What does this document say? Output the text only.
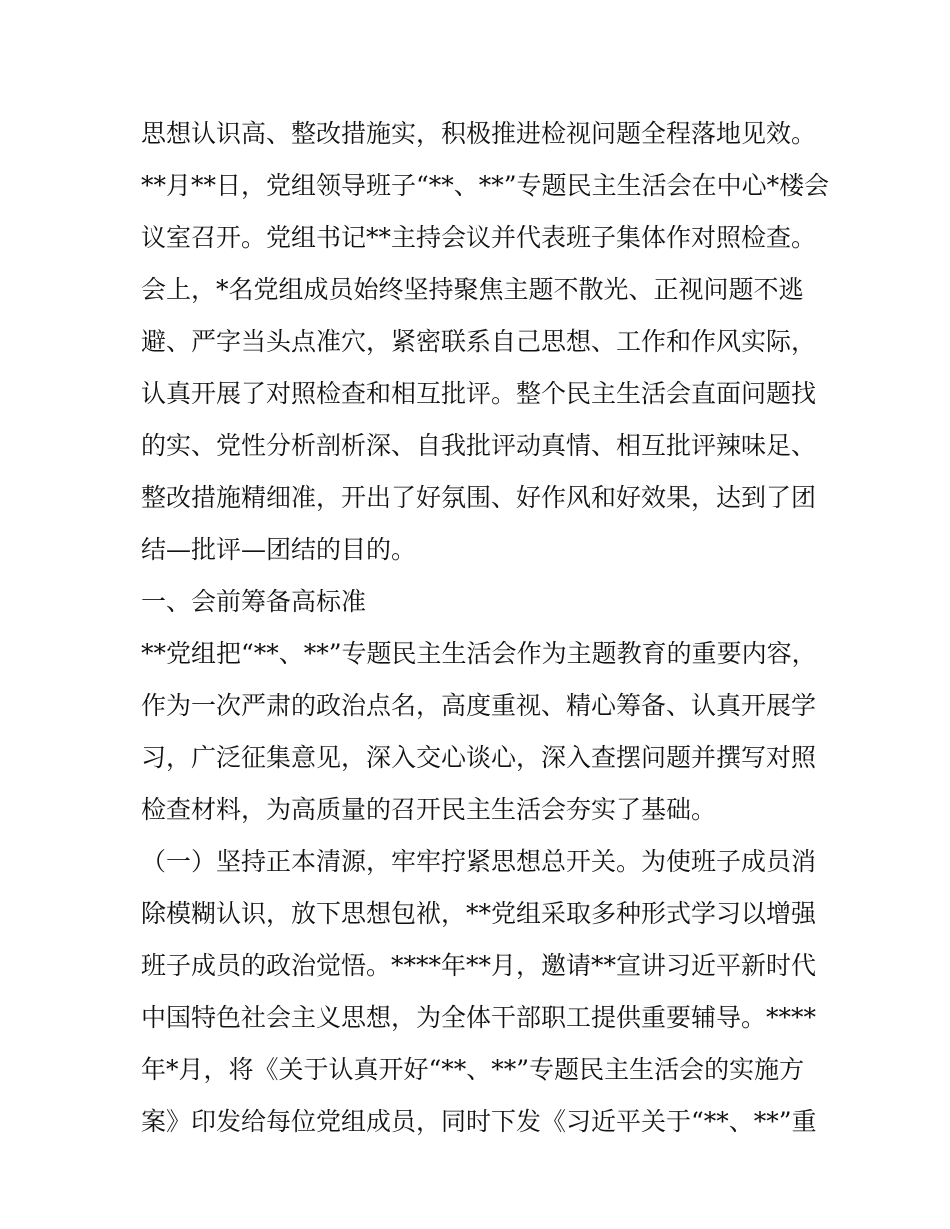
思想认识高、整改措施实，积极推进检视问题全程落地见效。
**月**日，党组领导班子“**、**”专题民主生活会在中心*楼会
议室召开。党组书记**主持会议并代表班子集体作对照检查。
会上，*名党组成员始终坚持聚焦主题不散光、正视问题不逃
避、严字当头点准穴，紧密联系自己思想、工作和作风实际，
认真开展了对照检查和相互批评。整个民主生活会直面问题找
的实、党性分析剖析深、自我批评动真情、相互批评辣味足、
整改措施精细准，开出了好氛围、好作风和好效果，达到了团
结—批评—团结的目的。
一、会前筹备高标准
**党组把“**、**”专题民主生活会作为主题教育的重要内容，
作为一次严肃的政治点名，高度重视、精心筹备、认真开展学
习，广泛征集意见，深入交心谈心，深入查摆问题并撰写对照
检查材料，为高质量的召开民主生活会夯实了基础。
（一）坚持正本清源，牢牢拧紧思想总开关。为使班子成员消
除模糊认识，放下思想包袱，**党组采取多种形式学习以增强
班子成员的政治觉悟。****年**月，邀请**宣讲习近平新时代
中国特色社会主义思想，为全体干部职工提供重要辅导。****
年*月，将《关于认真开好“**、**”专题民主生活会的实施方
案》印发给每位党组成员，同时下发《习近平关于“**、**”重
